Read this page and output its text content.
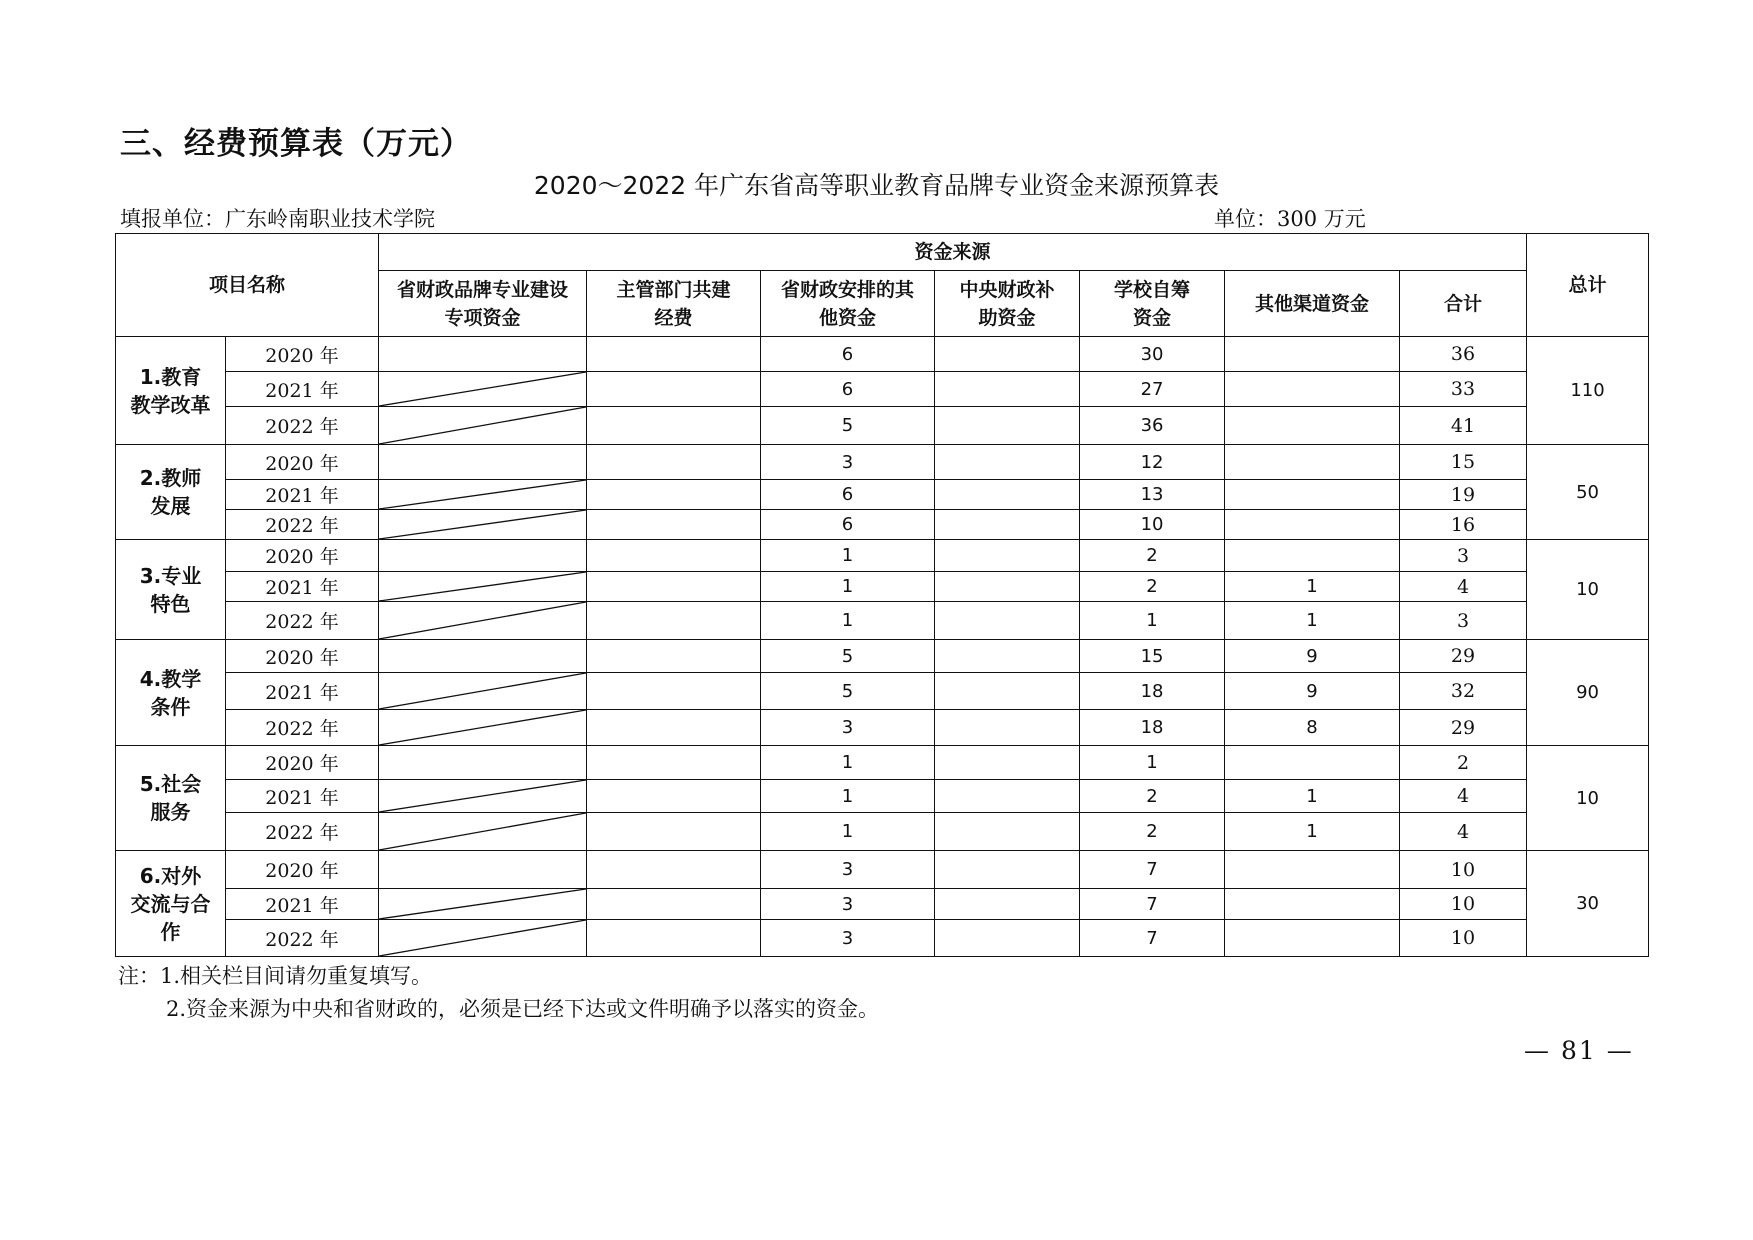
三、经费预算表（万元）
2020～2022 年广东省高等职业教育品牌专业资金来源预算表
填报单位：广东岭南职业技术学院	单位：300 万元
项目名称		资金来源							总计
		省财政品牌专业建设专项资金	主管部门共建经费	省财政安排的其他资金	中央财政补助资金	学校自筹资金	其他渠道资金	合计	
1.教育教学改革	2020 年			6		30		36	110
	2021 年			6		27		33	
	2022 年			5		36		41	
2.教师发展	2020 年			3		12		15	50
	2021 年			6		13		19	
	2022 年			6		10		16	
3.专业特色	2020 年			1		2		3	10
	2021 年			1		2	1	4	
	2022 年			1		1	1	3	
4.教学条件	2020 年			5		15	9	29	90
	2021 年			5		18	9	32	
	2022 年			3		18	8	29	
5.社会服务	2020 年			1		1		2	10
	2021 年			1		2	1	4	
	2022 年			1		2	1	4	
6.对外交流与合作	2020 年			3		7		10	30
	2021 年			3		7		10	
	2022 年			3		7		10	
注：1.相关栏目间请勿重复填写。
2.资金来源为中央和省财政的，必须是已经下达或文件明确予以落实的资金。
— 81 —
